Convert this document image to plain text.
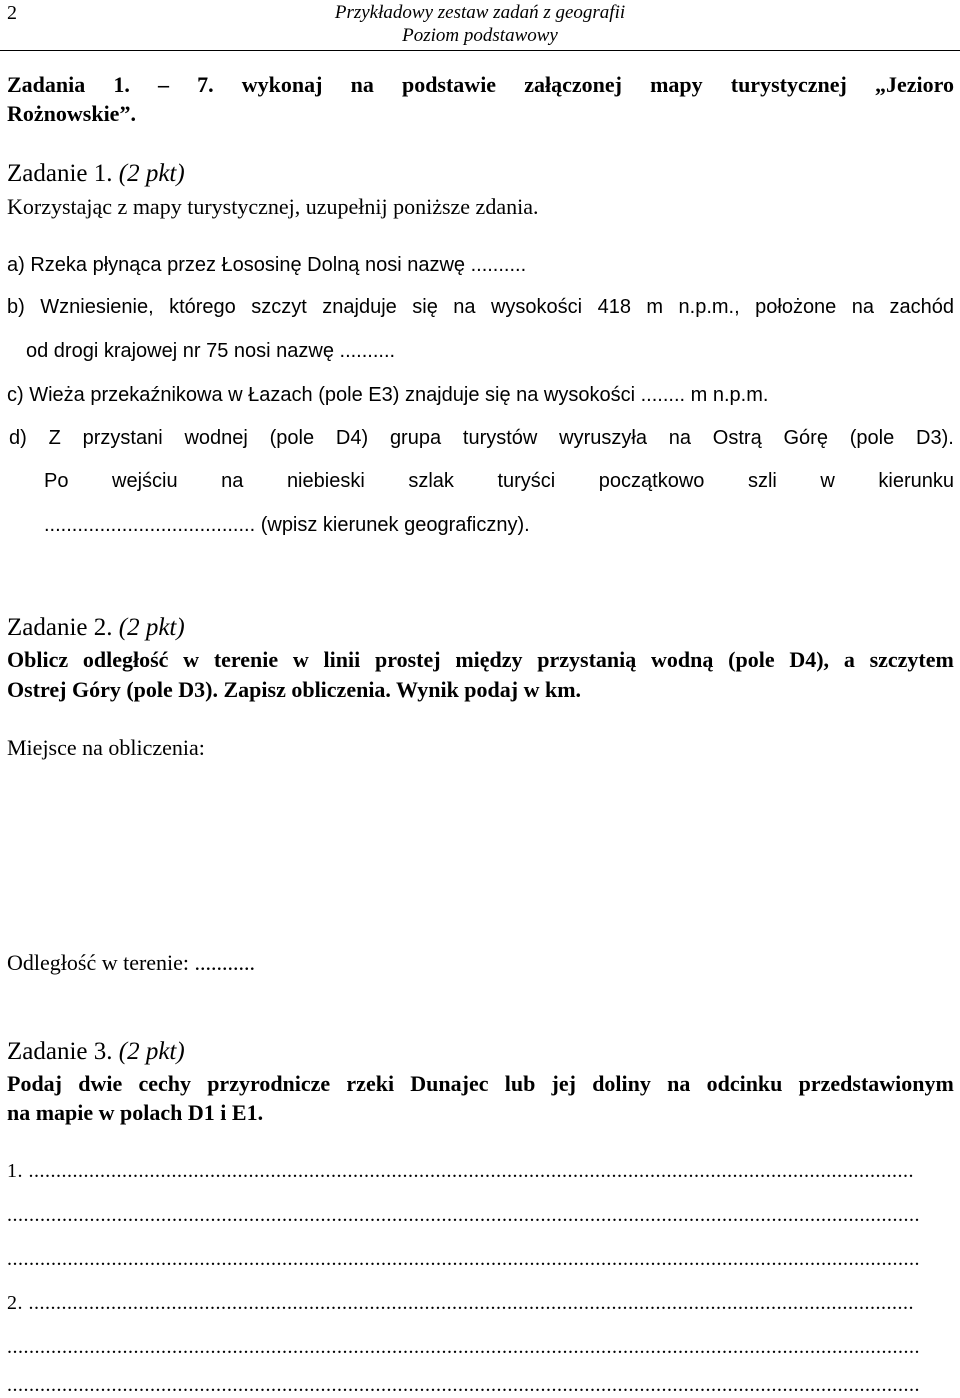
2	Przykładowy zestaw zadań z geografii
Poziom podstawowy
Zadania 1. – 7. wykonaj na podstawie załączonej mapy turystycznej „Jezioro
Rożnowskie”.
Zadanie 1. (2 pkt)
Korzystając z mapy turystycznej, uzupełnij poniższe zdania.
a) Rzeka płynąca przez Łososinę Dolną nosi nazwę ..........
b) Wzniesienie, którego szczyt znajduje się na wysokości 418 m n.p.m., położone na zachód
od drogi krajowej nr 75 nosi nazwę ..........
c) Wieża przekaźnikowa w Łazach (pole E3) znajduje się na wysokości ........ m n.p.m.
d) Z przystani wodnej (pole D4) grupa turystów wyruszyła na Ostrą Górę (pole D3).
Po wejściu na niebieski szlak turyści początkowo szli w kierunku
...................................... (wpisz kierunek geograficzny).
Zadanie 2. (2 pkt)
Oblicz odległość w terenie w linii prostej między przystanią wodną (pole D4), a szczytem
Ostrej Góry (pole D3). Zapisz obliczenia. Wynik podaj w km.
Miejsce na obliczenia:
Odległość w terenie: ...........
Zadanie 3. (2 pkt)
Podaj dwie cechy przyrodnicze rzeki Dunajec lub jej doliny na odcinku przedstawionym
na mapie w polach D1 i E1.
1. .................................................................................................................................................................
......................................................................................................................................................................
......................................................................................................................................................................
2. .................................................................................................................................................................
......................................................................................................................................................................
......................................................................................................................................................................
